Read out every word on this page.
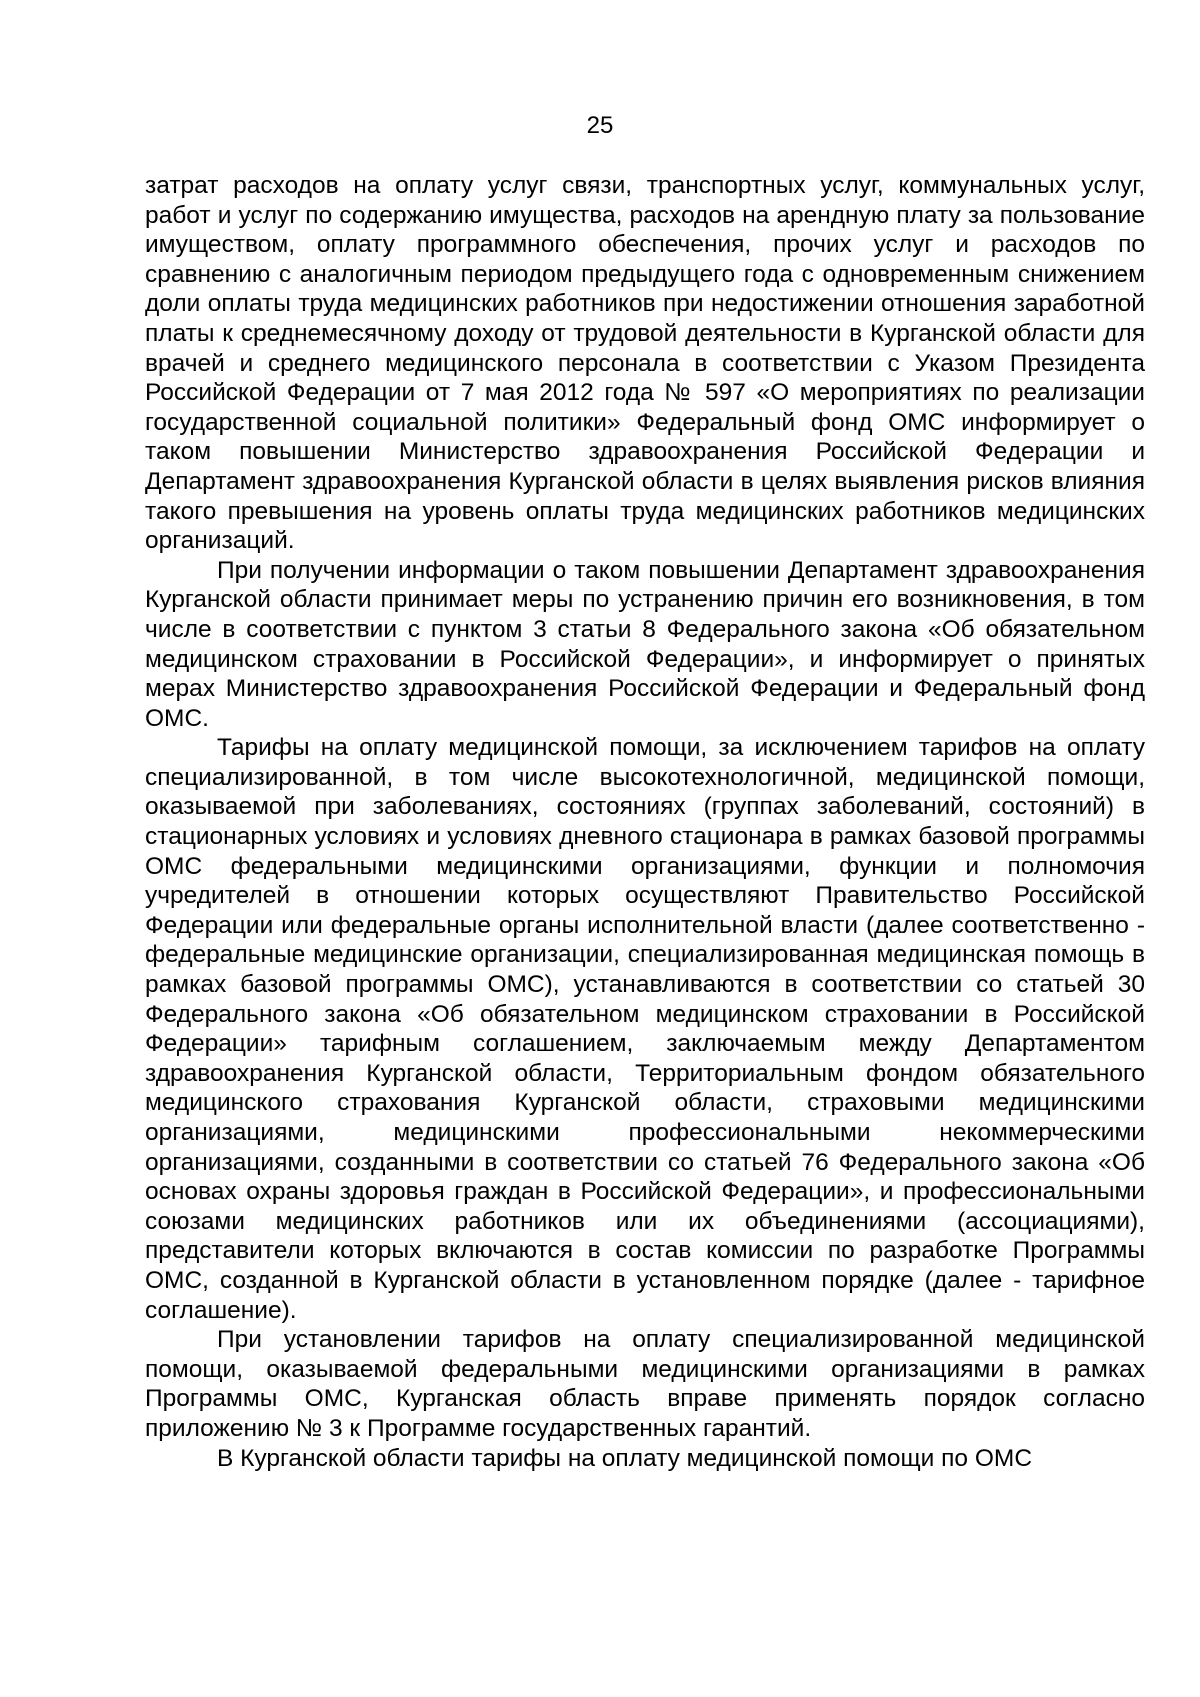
25

затрат расходов на оплату услуг связи, транспортных услуг, коммунальных услуг, работ и услуг по содержанию имущества, расходов на арендную плату за пользование имуществом, оплату программного обеспечения, прочих услуг и расходов по сравнению с аналогичным периодом предыдущего года с одновременным снижением доли оплаты труда медицинских работников при недостижении отношения заработной платы к среднемесячному доходу от трудовой деятельности в Курганской области для врачей и среднего медицинского персонала в соответствии с Указом Президента Российской Федерации от 7 мая 2012 года № 597 «О мероприятиях по реализации государственной социальной политики» Федеральный фонд ОМС информирует о таком повышении Министерство здравоохранения Российской Федерации и Департамент здравоохранения Курганской области в целях выявления рисков влияния такого превышения на уровень оплаты труда медицинских работников медицинских организаций.

При получении информации о таком повышении Департамент здравоохранения Курганской области принимает меры по устранению причин его возникновения, в том числе в соответствии с пунктом 3 статьи 8 Федерального закона «Об обязательном медицинском страховании в Российской Федерации», и информирует о принятых мерах Министерство здравоохранения Российской Федерации и Федеральный фонд ОМС.

Тарифы на оплату медицинской помощи, за исключением тарифов на оплату специализированной, в том числе высокотехнологичной, медицинской помощи, оказываемой при заболеваниях, состояниях (группах заболеваний, состояний) в стационарных условиях и условиях дневного стационара в рамках базовой программы ОМС федеральными медицинскими организациями, функции и полномочия учредителей в отношении которых осуществляют Правительство Российской Федерации или федеральные органы исполнительной власти (далее соответственно - федеральные медицинские организации, специализированная медицинская помощь в рамках базовой программы ОМС), устанавливаются в соответствии со статьей 30 Федерального закона «Об обязательном медицинском страховании в Российской Федерации» тарифным соглашением, заключаемым между Департаментом здравоохранения Курганской области, Территориальным фондом обязательного медицинского страхования Курганской области, страховыми медицинскими организациями, медицинскими профессиональными некоммерческими организациями, созданными в соответствии со статьей 76 Федерального закона «Об основах охраны здоровья граждан в Российской Федерации», и профессиональными союзами медицинских работников или их объединениями (ассоциациями), представители которых включаются в состав комиссии по разработке Программы ОМС, созданной в Курганской области в установленном порядке (далее - тарифное соглашение).

При установлении тарифов на оплату специализированной медицинской помощи, оказываемой федеральными медицинскими организациями в рамках Программы ОМС, Курганская область вправе применять порядок согласно приложению № 3 к Программе государственных гарантий.

В Курганской области тарифы на оплату медицинской помощи по ОМС
